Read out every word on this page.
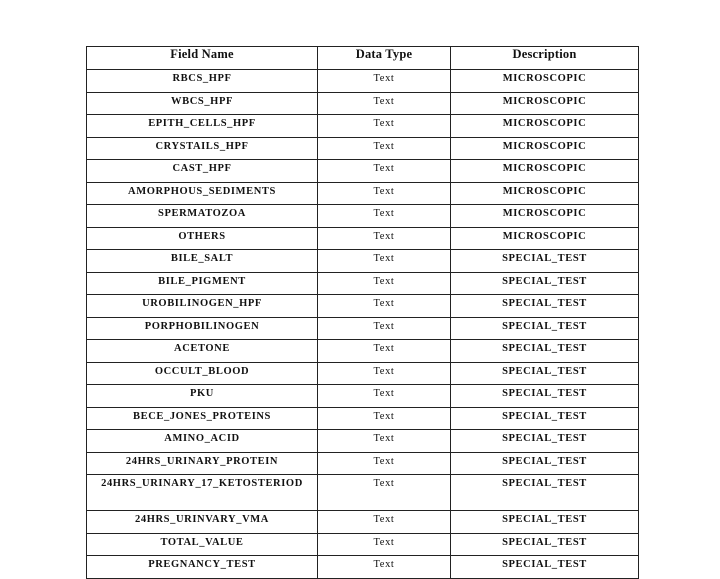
Field Name	Data Type	Description
RBCS_HPF	Text	MICROSCOPIC
WBCS_HPF	Text	MICROSCOPIC
EPITH_CELLS_HPF	Text	MICROSCOPIC
CRYSTAILS_HPF	Text	MICROSCOPIC
CAST_HPF	Text	MICROSCOPIC
AMORPHOUS_SEDIMENTS	Text	MICROSCOPIC
SPERMATOZOA	Text	MICROSCOPIC
OTHERS	Text	MICROSCOPIC
BILE_SALT	Text	SPECIAL_TEST
BILE_PIGMENT	Text	SPECIAL_TEST
UROBILINOGEN_HPF	Text	SPECIAL_TEST
PORPHOBILINOGEN	Text	SPECIAL_TEST
ACETONE	Text	SPECIAL_TEST
OCCULT_BLOOD	Text	SPECIAL_TEST
PKU	Text	SPECIAL_TEST
BECE_JONES_PROTEINS	Text	SPECIAL_TEST
AMINO_ACID	Text	SPECIAL_TEST
24HRS_URINARY_PROTEIN	Text	SPECIAL_TEST
24HRS_URINARY_17_KETOSTERIOD	Text	SPECIAL_TEST
24HRS_URINVARY_VMA	Text	SPECIAL_TEST
TOTAL_VALUE	Text	SPECIAL_TEST
PREGNANCY_TEST	Text	SPECIAL_TEST
